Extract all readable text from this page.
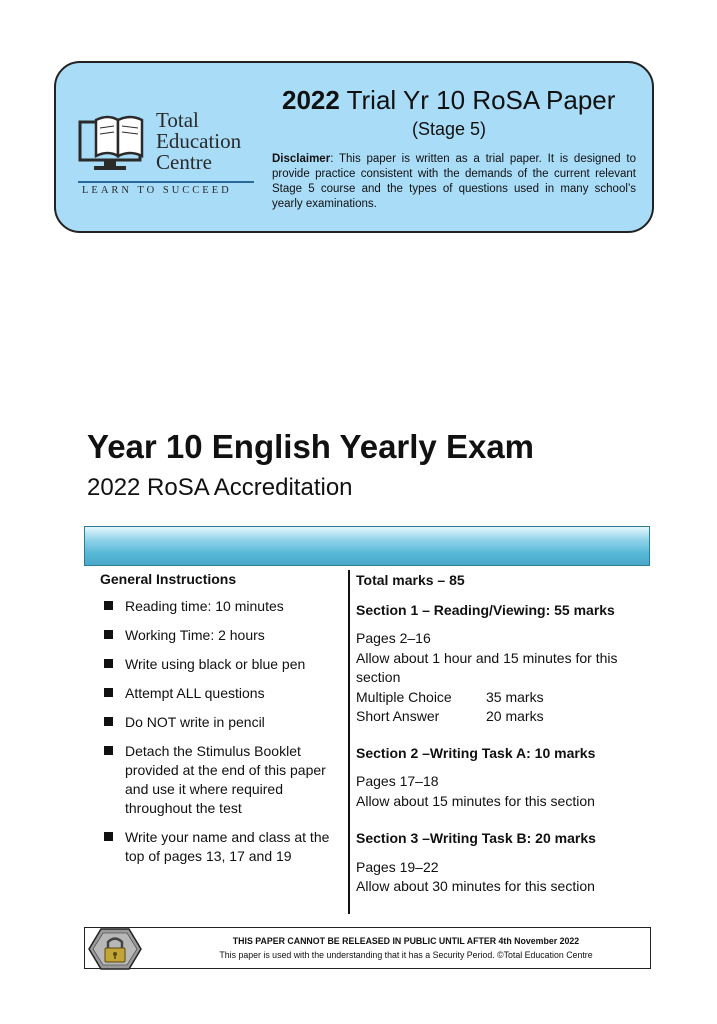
Total
Education
Centre
LEARN TO SUCCEED
2022 Trial Yr 10 RoSA Paper
(Stage 5)
Disclaimer: This paper is written as a trial paper. It is designed to provide practice consistent with the demands of the current relevant Stage 5 course and the types of questions used in many school’s yearly examinations.
Year 10 English Yearly Exam
2022 RoSA Accreditation
General Instructions
Reading time: 10 minutes
Working Time: 2 hours
Write using black or blue pen
Attempt ALL questions
Do NOT write in pencil
Detach the Stimulus Booklet provided at the end of this paper and use it where required throughout the test
Write your name and class at the top of pages 13, 17 and 19
Total marks – 85
Section 1 – Reading/Viewing: 55 marks
Pages 2–16
Allow about 1 hour and 15 minutes for this section
Multiple Choice	35 marks
Short Answer	20 marks
Section 2 –Writing Task A: 10 marks
Pages 17–18
Allow about 15 minutes for this section
Section 3 –Writing Task B: 20 marks
Pages 19–22
Allow about 30 minutes for this section
THIS PAPER CANNOT BE RELEASED IN PUBLIC UNTIL AFTER 4th November 2022
This paper is used with the understanding that it has a Security Period. ©Total Education Centre
